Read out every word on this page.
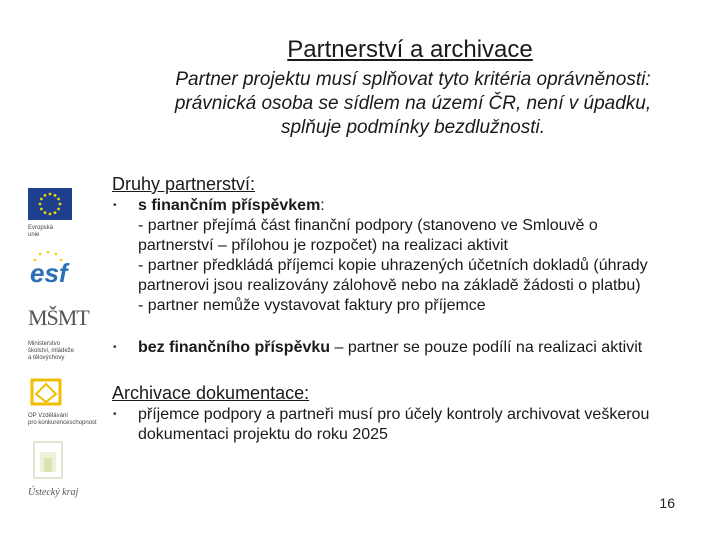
Partnerství a archivace
Partner projektu musí splňovat tyto kritéria oprávněnosti:
právnická osoba se sídlem na území ČR, není v úpadku,
splňuje podmínky bezdlužnosti.
Evropská
unie
esf
MŠMT
Ministerstvo
školství, mládeže
a tělovýchovy
OP Vzdělávání
pro konkurenceschopnost
Ústecký kraj
Druhy partnerství:
• s finančním příspěvkem:
- partner přejímá část finanční podpory (stanoveno ve Smlouvě o
partnerství – přílohou je rozpočet) na realizaci aktivit
- partner předkládá příjemci kopie uhrazených účetních dokladů (úhrady
partnerovi jsou realizovány zálohově nebo na základě žádosti o platbu)
- partner nemůže vystavovat faktury pro příjemce
• bez finančního příspěvku – partner se pouze podílí na realizaci aktivit
Archivace dokumentace:
• příjemce podpory a partneři musí pro účely kontroly archivovat veškerou
dokumentaci projektu do roku 2025
16
